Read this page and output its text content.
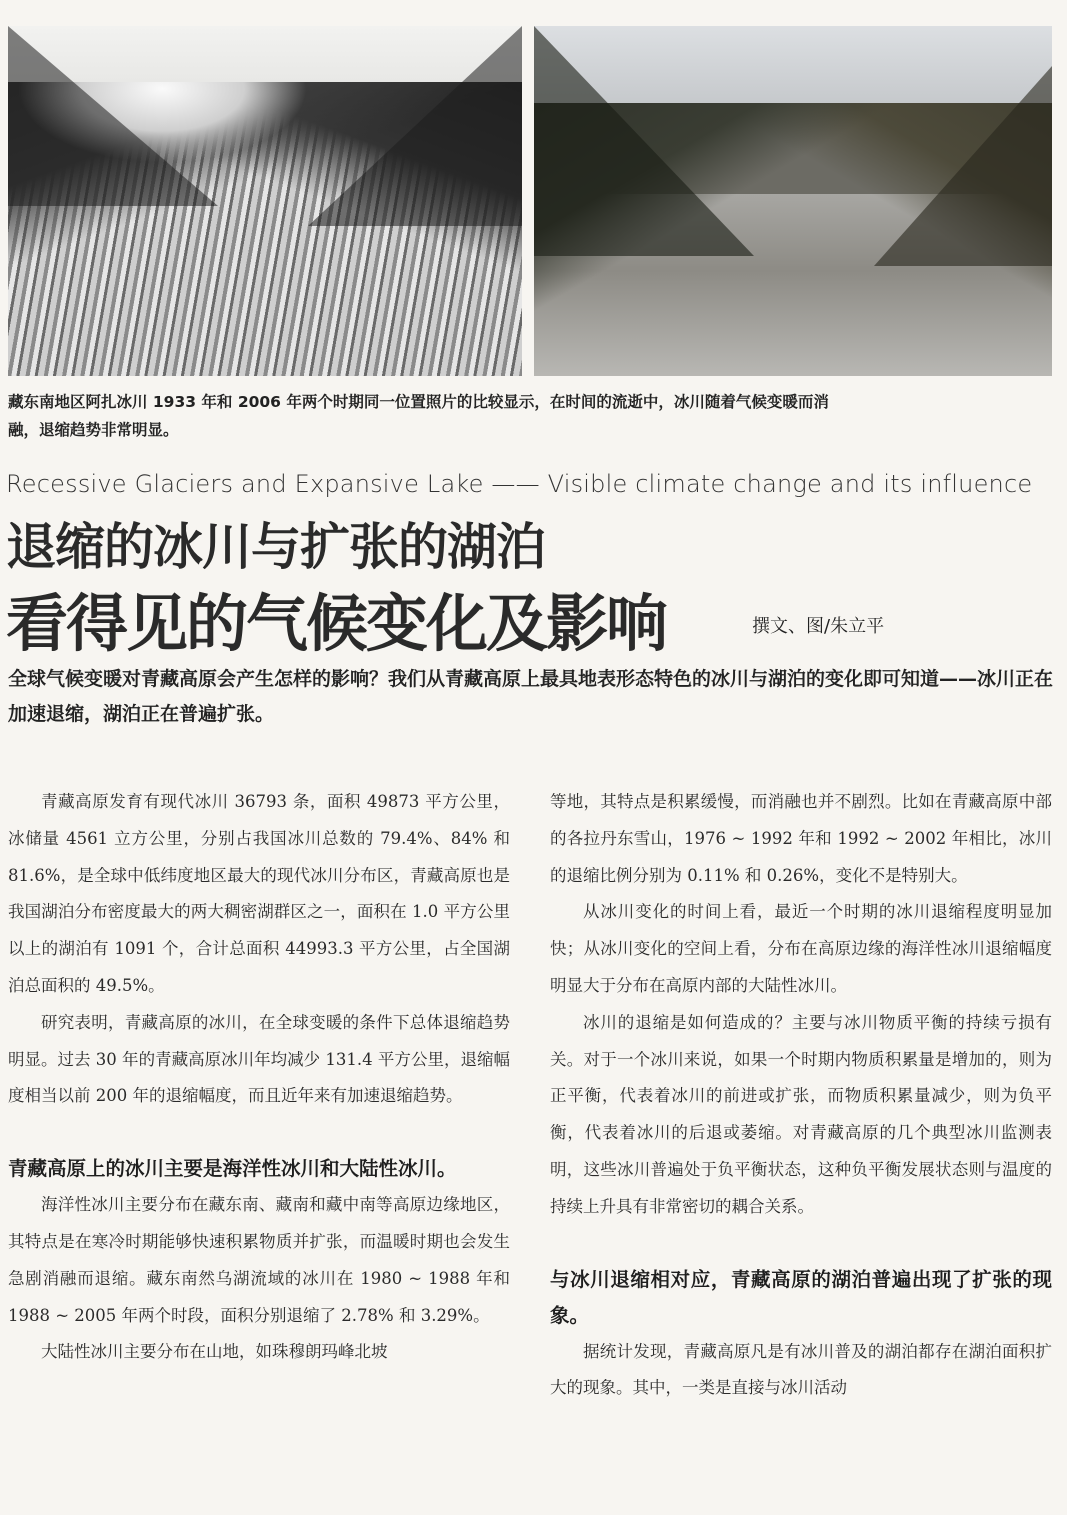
藏东南地区阿扎冰川 1933 年和 2006 年两个时期同一位置照片的比较显示，在时间的流逝中，冰川随着气候变暖而消融，退缩趋势非常明显。
Recessive Glaciers and Expansive Lake —— Visible climate change and its influence
退缩的冰川与扩张的湖泊
看得见的气候变化及影响	撰文、图/朱立平
全球气候变暖对青藏高原会产生怎样的影响？我们从青藏高原上最具地表形态特色的冰川与湖泊的变化即可知道——冰川正在加速退缩，湖泊正在普遍扩张。

青藏高原发育有现代冰川 36793 条，面积 49873 平方公里，冰储量 4561 立方公里，分别占我国冰川总数的 79.4%、84% 和 81.6%，是全球中低纬度地区最大的现代冰川分布区，青藏高原也是我国湖泊分布密度最大的两大稠密湖群区之一，面积在 1.0 平方公里以上的湖泊有 1091 个，合计总面积 44993.3 平方公里，占全国湖泊总面积的 49.5%。

研究表明，青藏高原的冰川，在全球变暖的条件下总体退缩趋势明显。过去 30 年的青藏高原冰川年均减少 131.4 平方公里，退缩幅度相当以前 200 年的退缩幅度，而且近年来有加速退缩趋势。

青藏高原上的冰川主要是海洋性冰川和大陆性冰川。

海洋性冰川主要分布在藏东南、藏南和藏中南等高原边缘地区，其特点是在寒冷时期能够快速积累物质并扩张，而温暖时期也会发生急剧消融而退缩。藏东南然乌湖流域的冰川在 1980 ~ 1988 年和 1988 ~ 2005 年两个时段，面积分别退缩了 2.78% 和 3.29%。

大陆性冰川主要分布在山地，如珠穆朗玛峰北坡

等地，其特点是积累缓慢，而消融也并不剧烈。比如在青藏高原中部的各拉丹东雪山，1976 ~ 1992 年和 1992 ~ 2002 年相比，冰川的退缩比例分别为 0.11% 和 0.26%，变化不是特别大。

从冰川变化的时间上看，最近一个时期的冰川退缩程度明显加快；从冰川变化的空间上看，分布在高原边缘的海洋性冰川退缩幅度明显大于分布在高原内部的大陆性冰川。

冰川的退缩是如何造成的？主要与冰川物质平衡的持续亏损有关。对于一个冰川来说，如果一个时期内物质积累量是增加的，则为正平衡，代表着冰川的前进或扩张，而物质积累量减少，则为负平衡，代表着冰川的后退或萎缩。对青藏高原的几个典型冰川监测表明，这些冰川普遍处于负平衡状态，这种负平衡发展状态则与温度的持续上升具有非常密切的耦合关系。

与冰川退缩相对应，青藏高原的湖泊普遍出现了扩张的现象。

据统计发现，青藏高原凡是有冰川普及的湖泊都存在湖泊面积扩大的现象。其中，一类是直接与冰川活动
